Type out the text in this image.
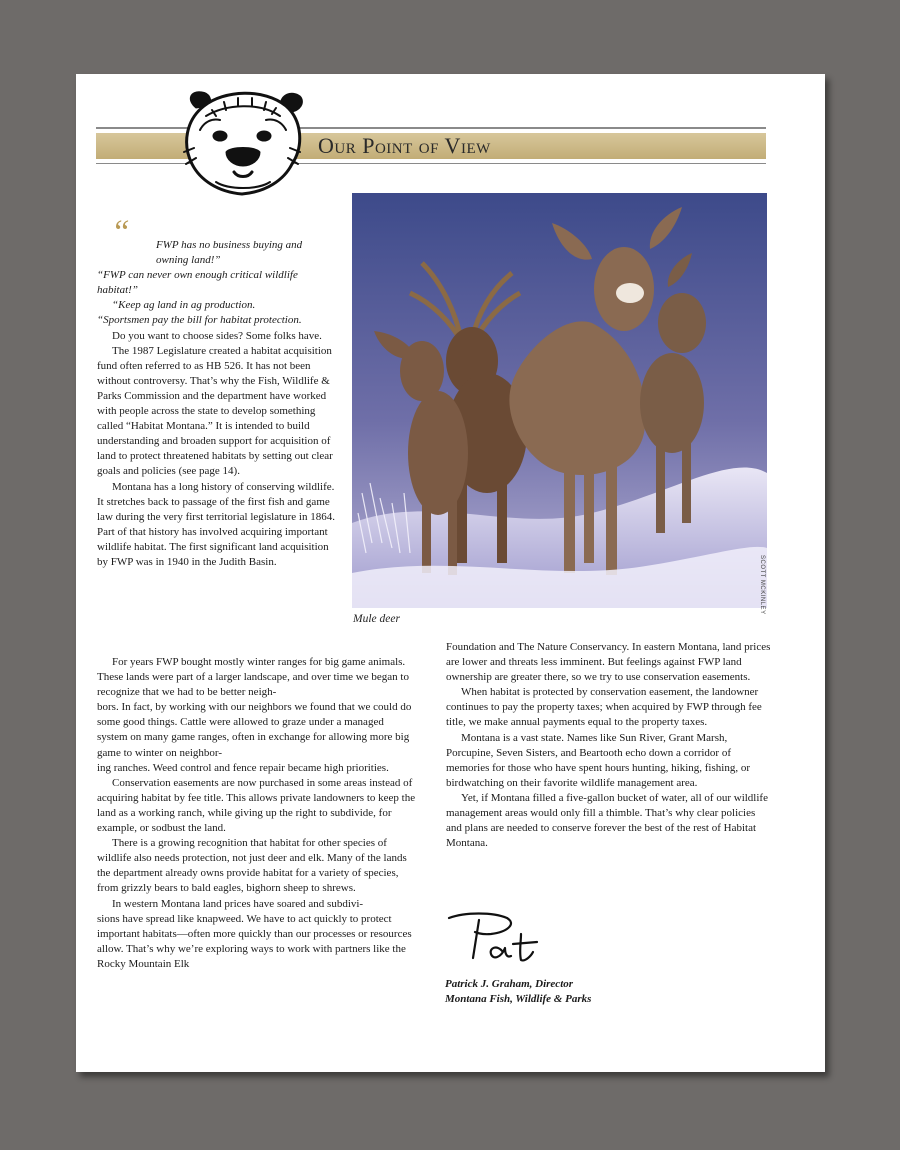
Our Point of View
SCOTT MCKINLEY
Mule deer
“ FWP has no business buying and owning land!”

“FWP can never own enough critical wildlife habitat!”

“Keep ag land in ag production.

“Sportsmen pay the bill for habitat protection.

Do you want to choose sides? Some folks have.

The 1987 Legislature created a habitat acquisition fund often referred to as HB 526. It has not been without controversy. That’s why the Fish, Wildlife & Parks Commission and the department have worked with people across the state to develop something called “Habitat Montana.” It is intended to build understanding and broaden support for acquisition of land to protect threatened habitats by setting out clear goals and policies (see page 14).

Montana has a long history of conserving wildlife. It stretches back to passage of the first fish and game law during the very first territorial legislature in 1864. Part of that history has involved acquiring important wildlife habitat. The first significant land acquisition by FWP was in 1940 in the Judith Basin.

For years FWP bought mostly winter ranges for big game animals. These lands were part of a larger landscape, and over time we began to recognize that we had to be better neigh-
bors. In fact, by working with our neighbors we found that we could do some good things. Cattle were allowed to graze under a managed system on many game ranges, often in exchange for allowing more big game to winter on neighbor-
ing ranches. Weed control and fence repair became high priorities.

Conservation easements are now purchased in some areas instead of acquiring habitat by fee title. This allows private landowners to keep the land as a working ranch, while giving up the right to subdivide, for example, or sodbust the land.

There is a growing recognition that habitat for other species of wildlife also needs protection, not just deer and elk. Many of the lands the department already owns provide habitat for a variety of species, from grizzly bears to bald eagles, bighorn sheep to shrews.

In western Montana land prices have soared and subdivi-
sions have spread like knapweed. We have to act quickly to protect important habitats—often more quickly than our processes or resources allow. That’s why we’re exploring ways to work with partners like the Rocky Mountain Elk

Foundation and The Nature Conservancy. In eastern Montana, land prices are lower and threats less imminent. But feelings against FWP land ownership are greater there, so we try to use conservation easements.

When habitat is protected by conservation easement, the landowner continues to pay the property taxes; when acquired by FWP through fee title, we make annual payments equal to the property taxes.

Montana is a vast state. Names like Sun River, Grant Marsh, Porcupine, Seven Sisters, and Beartooth echo down a corridor of memories for those who have spent hours hunting, hiking, fishing, or birdwatching on their favorite wildlife management area.

Yet, if Montana filled a five-gallon bucket of water, all of our wildlife management areas would only fill a thimble. That’s why clear policies and plans are needed to conserve forever the best of the rest of Habitat Montana.

Patrick J. Graham, Director
Montana Fish, Wildlife & Parks
